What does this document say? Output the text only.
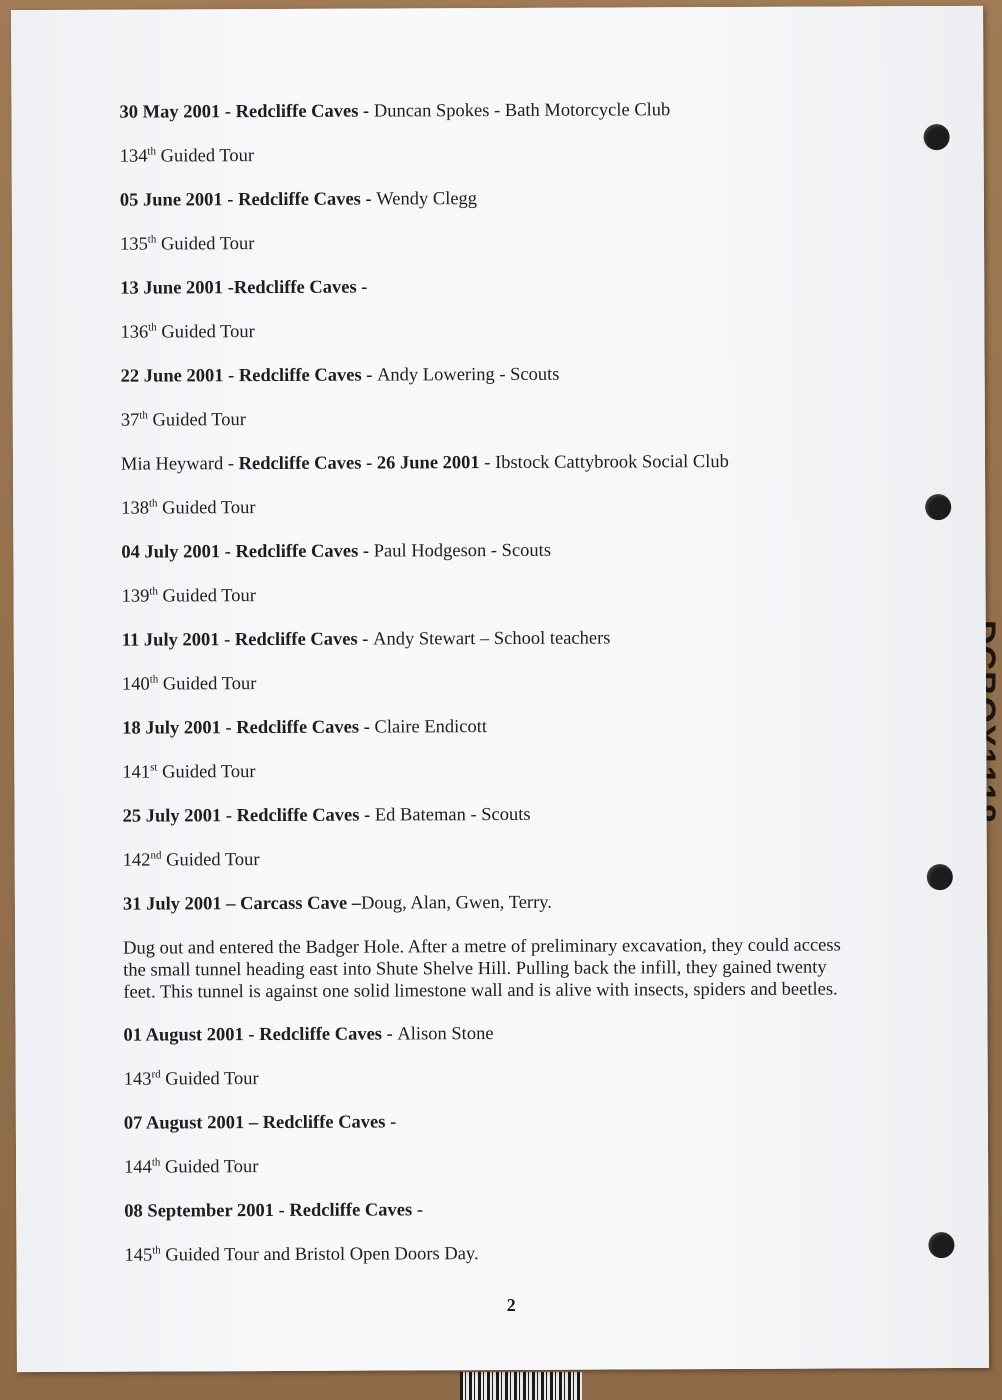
30 May 2001 - Redcliffe Caves - Duncan Spokes - Bath Motorcycle Club
134th Guided Tour
05 June 2001 - Redcliffe Caves - Wendy Clegg
135th Guided Tour
13 June 2001 -Redcliffe Caves -
136th Guided Tour
22 June 2001 - Redcliffe Caves - Andy Lowering - Scouts
37th Guided Tour
Mia Heyward - Redcliffe Caves - 26 June 2001 - Ibstock Cattybrook Social Club
138th Guided Tour
04 July 2001 - Redcliffe Caves - Paul Hodgeson - Scouts
139th Guided Tour
11 July 2001 - Redcliffe Caves - Andy Stewart – School teachers
140th Guided Tour
18 July 2001 - Redcliffe Caves - Claire Endicott
141st Guided Tour
25 July 2001 - Redcliffe Caves - Ed Bateman - Scouts
142nd Guided Tour
31 July 2001 – Carcass Cave –Doug, Alan, Gwen, Terry.
Dug out and entered the Badger Hole. After a metre of preliminary excavation, they could access
the small tunnel heading east into Shute Shelve Hill. Pulling back the infill, they gained twenty
feet. This tunnel is against one solid limestone wall and is alive with insects, spiders and beetles.
01 August 2001 - Redcliffe Caves - Alison Stone
143rd Guided Tour
07 August 2001 – Redcliffe Caves -
144th Guided Tour
08 September 2001 - Redcliffe Caves -
145th Guided Tour and Bristol Open Doors Day.
2
